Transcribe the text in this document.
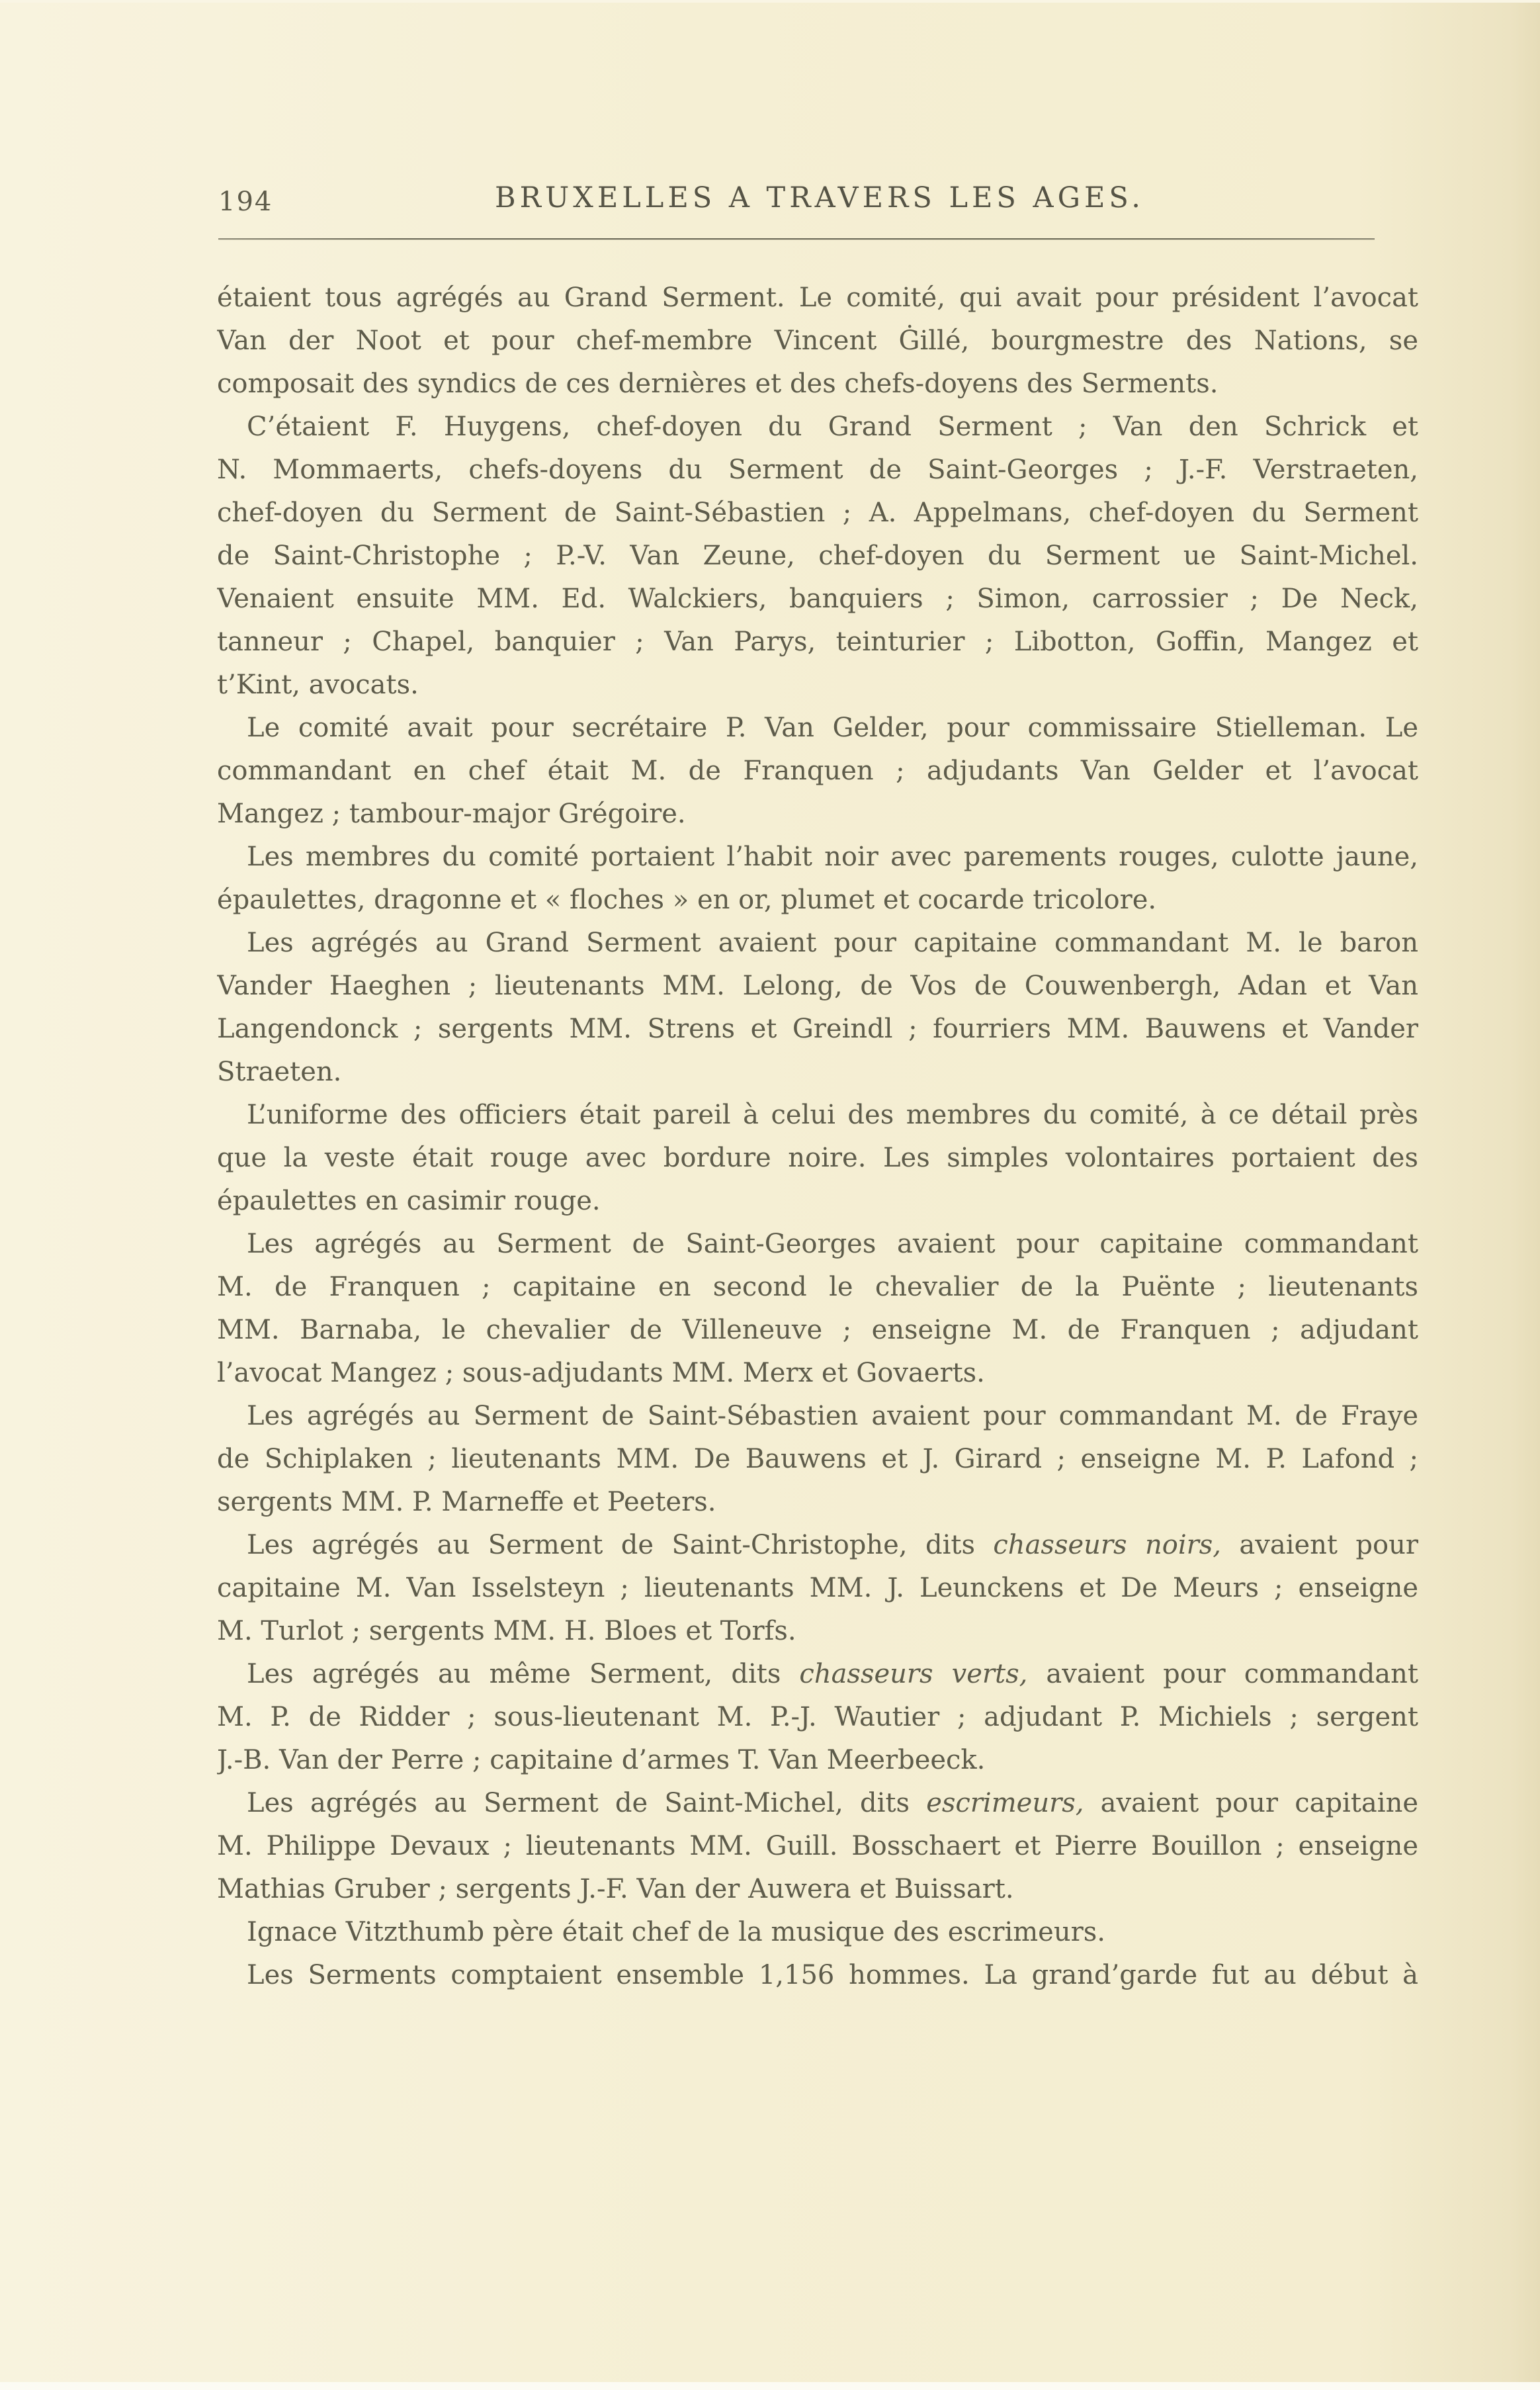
194	BRUXELLES A TRAVERS LES AGES.
étaient tous agrégés au Grand Serment. Le comité, qui avait pour président l’avocat
Van der Noot et pour chef-membre Vincent Ġillé, bourgmestre des Nations, se
composait des syndics de ces dernières et des chefs-doyens des Serments.
C’étaient F. Huygens, chef-doyen du Grand Serment ; Van den Schrick et
N. Mommaerts, chefs-doyens du Serment de Saint-Georges ; J.-F. Verstraeten,
chef-doyen du Serment de Saint-Sébastien ; A. Appelmans, chef-doyen du Serment
de Saint-Christophe ; P.-V. Van Zeune, chef-doyen du Serment ue Saint-Michel.
Venaient ensuite MM. Ed. Walckiers, banquiers ; Simon, carrossier ; De Neck,
tanneur ; Chapel, banquier ; Van Parys, teinturier ; Libotton, Goffin, Mangez et
t’Kint, avocats.
Le comité avait pour secrétaire P. Van Gelder, pour commissaire Stielleman. Le
commandant en chef était M. de Franquen ; adjudants Van Gelder et l’avocat
Mangez ; tambour-major Grégoire.
Les membres du comité portaient l’habit noir avec parements rouges, culotte jaune,
épaulettes, dragonne et « floches » en or, plumet et cocarde tricolore.
Les agrégés au Grand Serment avaient pour capitaine commandant M. le baron
Vander Haeghen ; lieutenants MM. Lelong, de Vos de Couwenbergh, Adan et Van
Langendonck ; sergents MM. Strens et Greindl ; fourriers MM. Bauwens et Vander
Straeten.
L’uniforme des officiers était pareil à celui des membres du comité, à ce détail près
que la veste était rouge avec bordure noire. Les simples volontaires portaient des
épaulettes en casimir rouge.
Les agrégés au Serment de Saint-Georges avaient pour capitaine commandant
M. de Franquen ; capitaine en second le chevalier de la Puënte ; lieutenants
MM. Barnaba, le chevalier de Villeneuve ; enseigne M. de Franquen ; adjudant
l’avocat Mangez ; sous-adjudants MM. Merx et Govaerts.
Les agrégés au Serment de Saint-Sébastien avaient pour commandant M. de Fraye
de Schiplaken ; lieutenants MM. De Bauwens et J. Girard ; enseigne M. P. Lafond ;
sergents MM. P. Marneffe et Peeters.
Les agrégés au Serment de Saint-Christophe, dits chasseurs noirs, avaient pour
capitaine M. Van Isselsteyn ; lieutenants MM. J. Leunckens et De Meurs ; enseigne
M. Turlot ; sergents MM. H. Bloes et Torfs.
Les agrégés au même Serment, dits chasseurs verts, avaient pour commandant
M. P. de Ridder ; sous-lieutenant M. P.-J. Wautier ; adjudant P. Michiels ; sergent
J.-B. Van der Perre ; capitaine d’armes T. Van Meerbeeck.
Les agrégés au Serment de Saint-Michel, dits escrimeurs, avaient pour capitaine
M. Philippe Devaux ; lieutenants MM. Guill. Bosschaert et Pierre Bouillon ; enseigne
Mathias Gruber ; sergents J.-F. Van der Auwera et Buissart.
Ignace Vitzthumb père était chef de la musique des escrimeurs.
Les Serments comptaient ensemble 1,156 hommes. La grand’garde fut au début à
